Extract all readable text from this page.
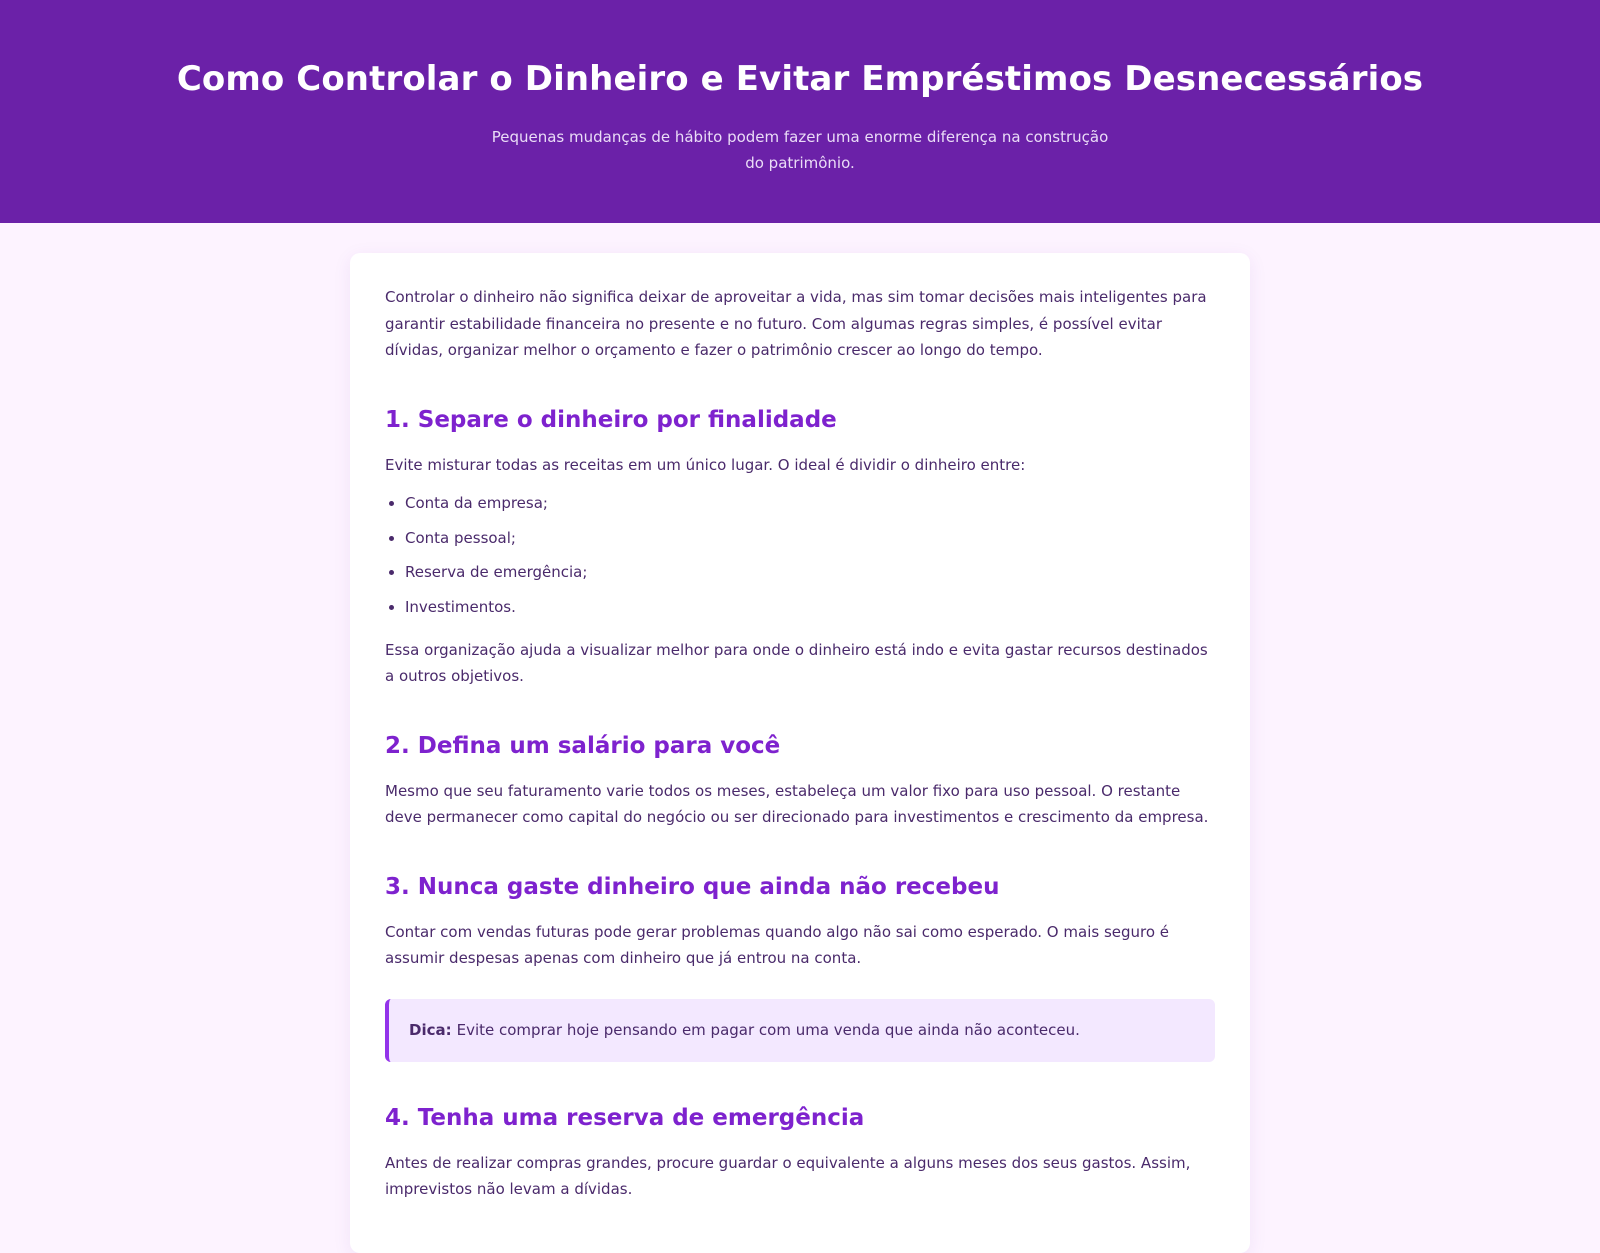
Como Controlar o Dinheiro e Evitar Empréstimos Desnecessários

Pequenas mudanças de hábito podem fazer uma enorme diferença na construção do patrimônio.

Controlar o dinheiro não significa deixar de aproveitar a vida, mas sim tomar decisões mais inteligentes para garantir estabilidade financeira no presente e no futuro. Com algumas regras simples, é possível evitar dívidas, organizar melhor o orçamento e fazer o patrimônio crescer ao longo do tempo.

1. Separe o dinheiro por finalidade

Evite misturar todas as receitas em um único lugar. O ideal é dividir o dinheiro entre:

• Conta da empresa;
• Conta pessoal;
• Reserva de emergência;
• Investimentos.

Essa organização ajuda a visualizar melhor para onde o dinheiro está indo e evita gastar recursos destinados a outros objetivos.

2. Defina um salário para você

Mesmo que seu faturamento varie todos os meses, estabeleça um valor fixo para uso pessoal. O restante deve permanecer como capital do negócio ou ser direcionado para investimentos e crescimento da empresa.

3. Nunca gaste dinheiro que ainda não recebeu

Contar com vendas futuras pode gerar problemas quando algo não sai como esperado. O mais seguro é assumir despesas apenas com dinheiro que já entrou na conta.

Dica: Evite comprar hoje pensando em pagar com uma venda que ainda não aconteceu.
4. Tenha uma reserva de emergência

Antes de realizar compras grandes, procure guardar o equivalente a alguns meses dos seus gastos. Assim, imprevistos não levam a dívidas.
